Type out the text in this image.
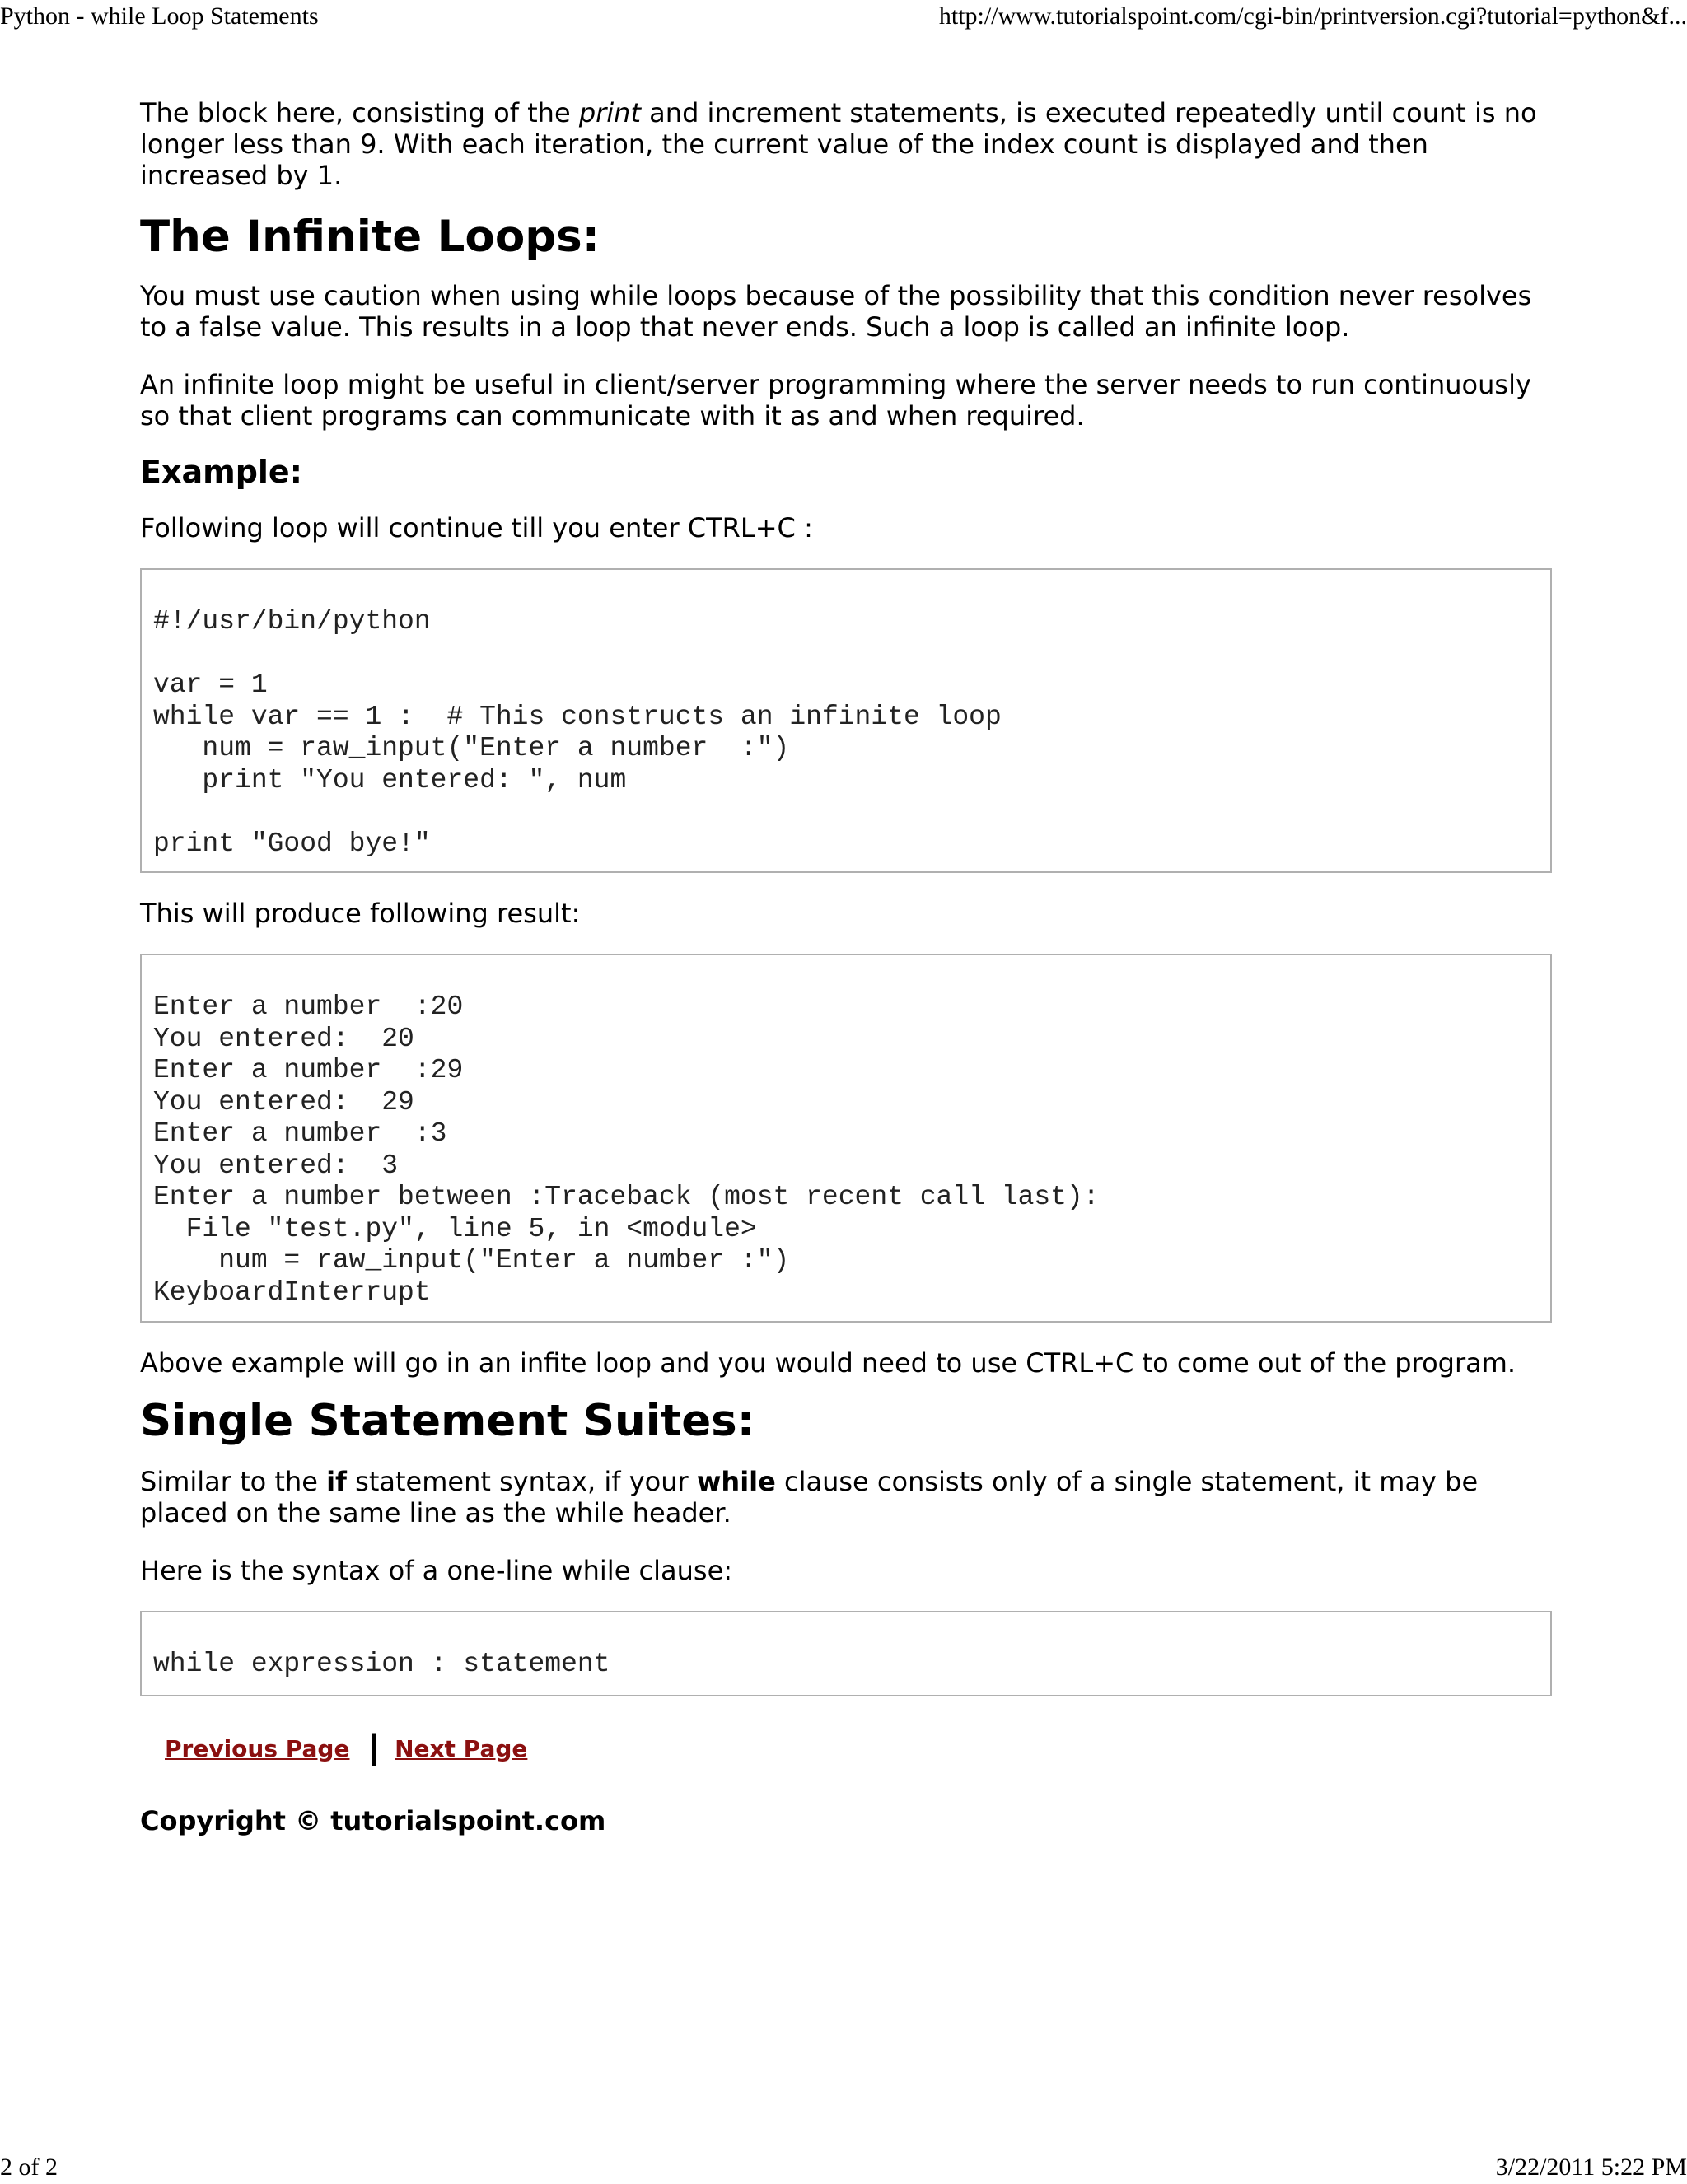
Python - while Loop Statements	http://www.tutorialspoint.com/cgi-bin/printversion.cgi?tutorial=python&f...

The block here, consisting of the print and increment statements, is executed repeatedly until count is no longer less than 9. With each iteration, the current value of the index count is displayed and then increased by 1.

The Infinite Loops:

You must use caution when using while loops because of the possibility that this condition never resolves to a false value. This results in a loop that never ends. Such a loop is called an infinite loop.

An infinite loop might be useful in client/server programming where the server needs to run continuously so that client programs can communicate with it as and when required.

Example:

Following loop will continue till you enter CTRL+C :

#!/usr/bin/python

var = 1
while var == 1 :  # This constructs an infinite loop
num = raw_input("Enter a number  :")
print "You entered: ", num

print "Good bye!"

This will produce following result:

Enter a number  :20
You entered:  20
Enter a number  :29
You entered:  29
Enter a number  :3
You entered:  3
Enter a number between :Traceback (most recent call last):
File "test.py", line 5, in <module>
num = raw_input("Enter a number :")
KeyboardInterrupt

Above example will go in an infite loop and you would need to use CTRL+C to come out of the program.

Single Statement Suites:

Similar to the if statement syntax, if your while clause consists only of a single statement, it may be placed on the same line as the while header.

Here is the syntax of a one-line while clause:

while expression : statement
Previous Page | Next Page

Copyright © tutorialspoint.com

2 of 2	3/22/2011 5:22 PM
